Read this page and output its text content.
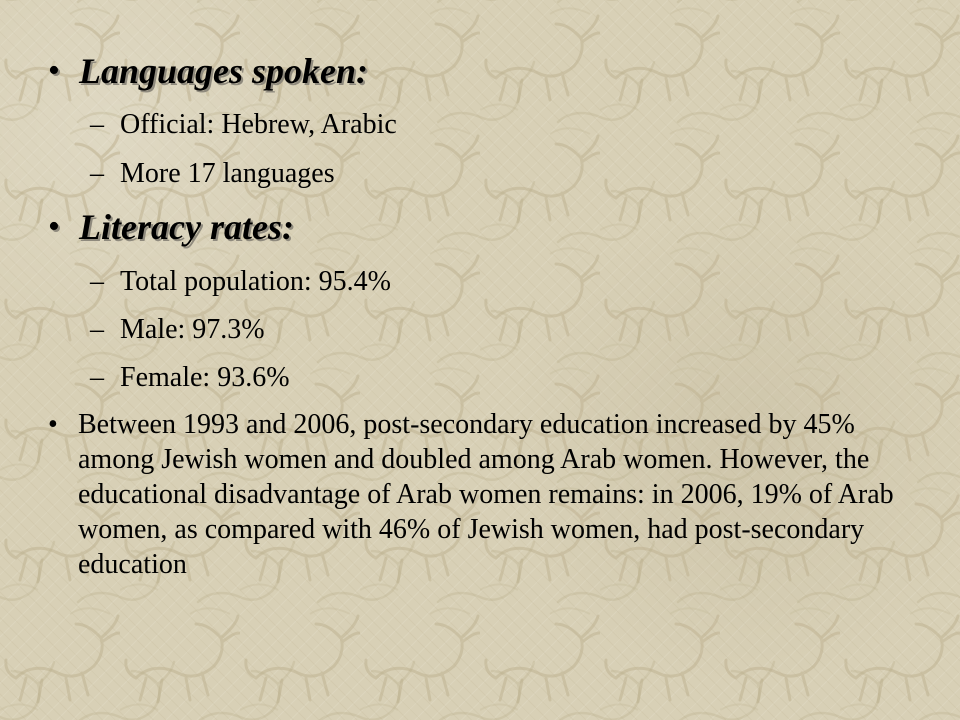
• Languages spoken:
– Official: Hebrew, Arabic
– More 17 languages
• Literacy rates:
– Total population: 95.4%
– Male: 97.3%
– Female: 93.6%
• Between 1993 and 2006, post-secondary education increased by 45% among Jewish women and doubled among Arab women. However, the educational disadvantage of Arab women remains: in 2006, 19% of Arab women, as compared with 46% of Jewish women, had post-secondary education
